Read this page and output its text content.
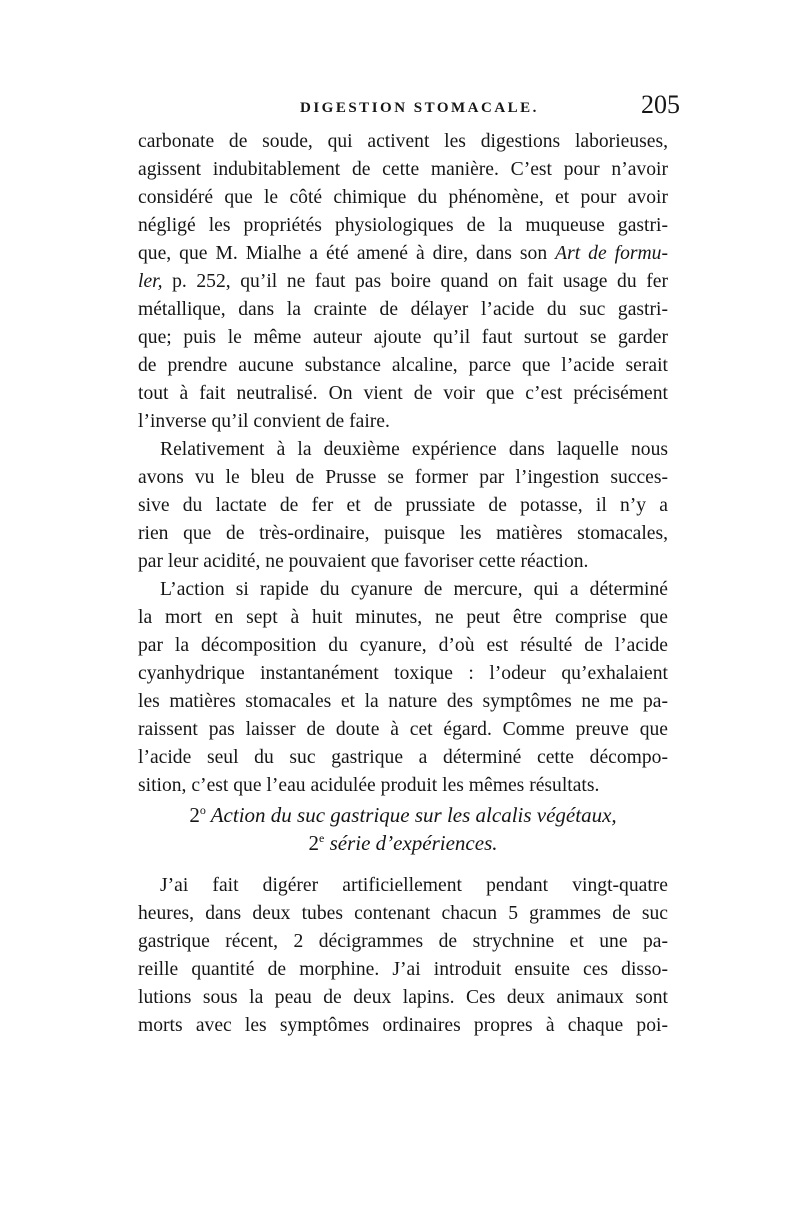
DIGESTION STOMACALE.	205
carbonate de soude, qui activent les digestions laborieuses,
agissent indubitablement de cette manière. C’est pour n’avoir
considéré que le côté chimique du phénomène, et pour avoir
négligé les propriétés physiologiques de la muqueuse gastri-
que, que M. Mialhe a été amené à dire, dans son Art de formu-
ler, p. 252, qu’il ne faut pas boire quand on fait usage du fer
métallique, dans la crainte de délayer l’acide du suc gastri-
que; puis le même auteur ajoute qu’il faut surtout se garder
de prendre aucune substance alcaline, parce que l’acide serait
tout à fait neutralisé. On vient de voir que c’est précisément
l’inverse qu’il convient de faire.
Relativement à la deuxième expérience dans laquelle nous
avons vu le bleu de Prusse se former par l’ingestion succes-
sive du lactate de fer et de prussiate de potasse, il n’y a
rien que de très-ordinaire, puisque les matières stomacales,
par leur acidité, ne pouvaient que favoriser cette réaction.
L’action si rapide du cyanure de mercure, qui a déterminé
la mort en sept à huit minutes, ne peut être comprise que
par la décomposition du cyanure, d’où est résulté de l’acide
cyanhydrique instantanément toxique : l’odeur qu’exhalaient
les matières stomacales et la nature des symptômes ne me pa-
raissent pas laisser de doute à cet égard. Comme preuve que
l’acide seul du suc gastrique a déterminé cette décompo-
sition, c’est que l’eau acidulée produit les mêmes résultats.
2$^o$ Action du suc gastrique sur les alcalis végétaux,
2e série d’expériences.
J’ai fait digérer artificiellement pendant vingt-quatre
heures, dans deux tubes contenant chacun 5 grammes de suc
gastrique récent, 2 décigrammes de strychnine et une pa-
reille quantité de morphine. J’ai introduit ensuite ces disso-
lutions sous la peau de deux lapins. Ces deux animaux sont
morts avec les symptômes ordinaires propres à chaque poi-
